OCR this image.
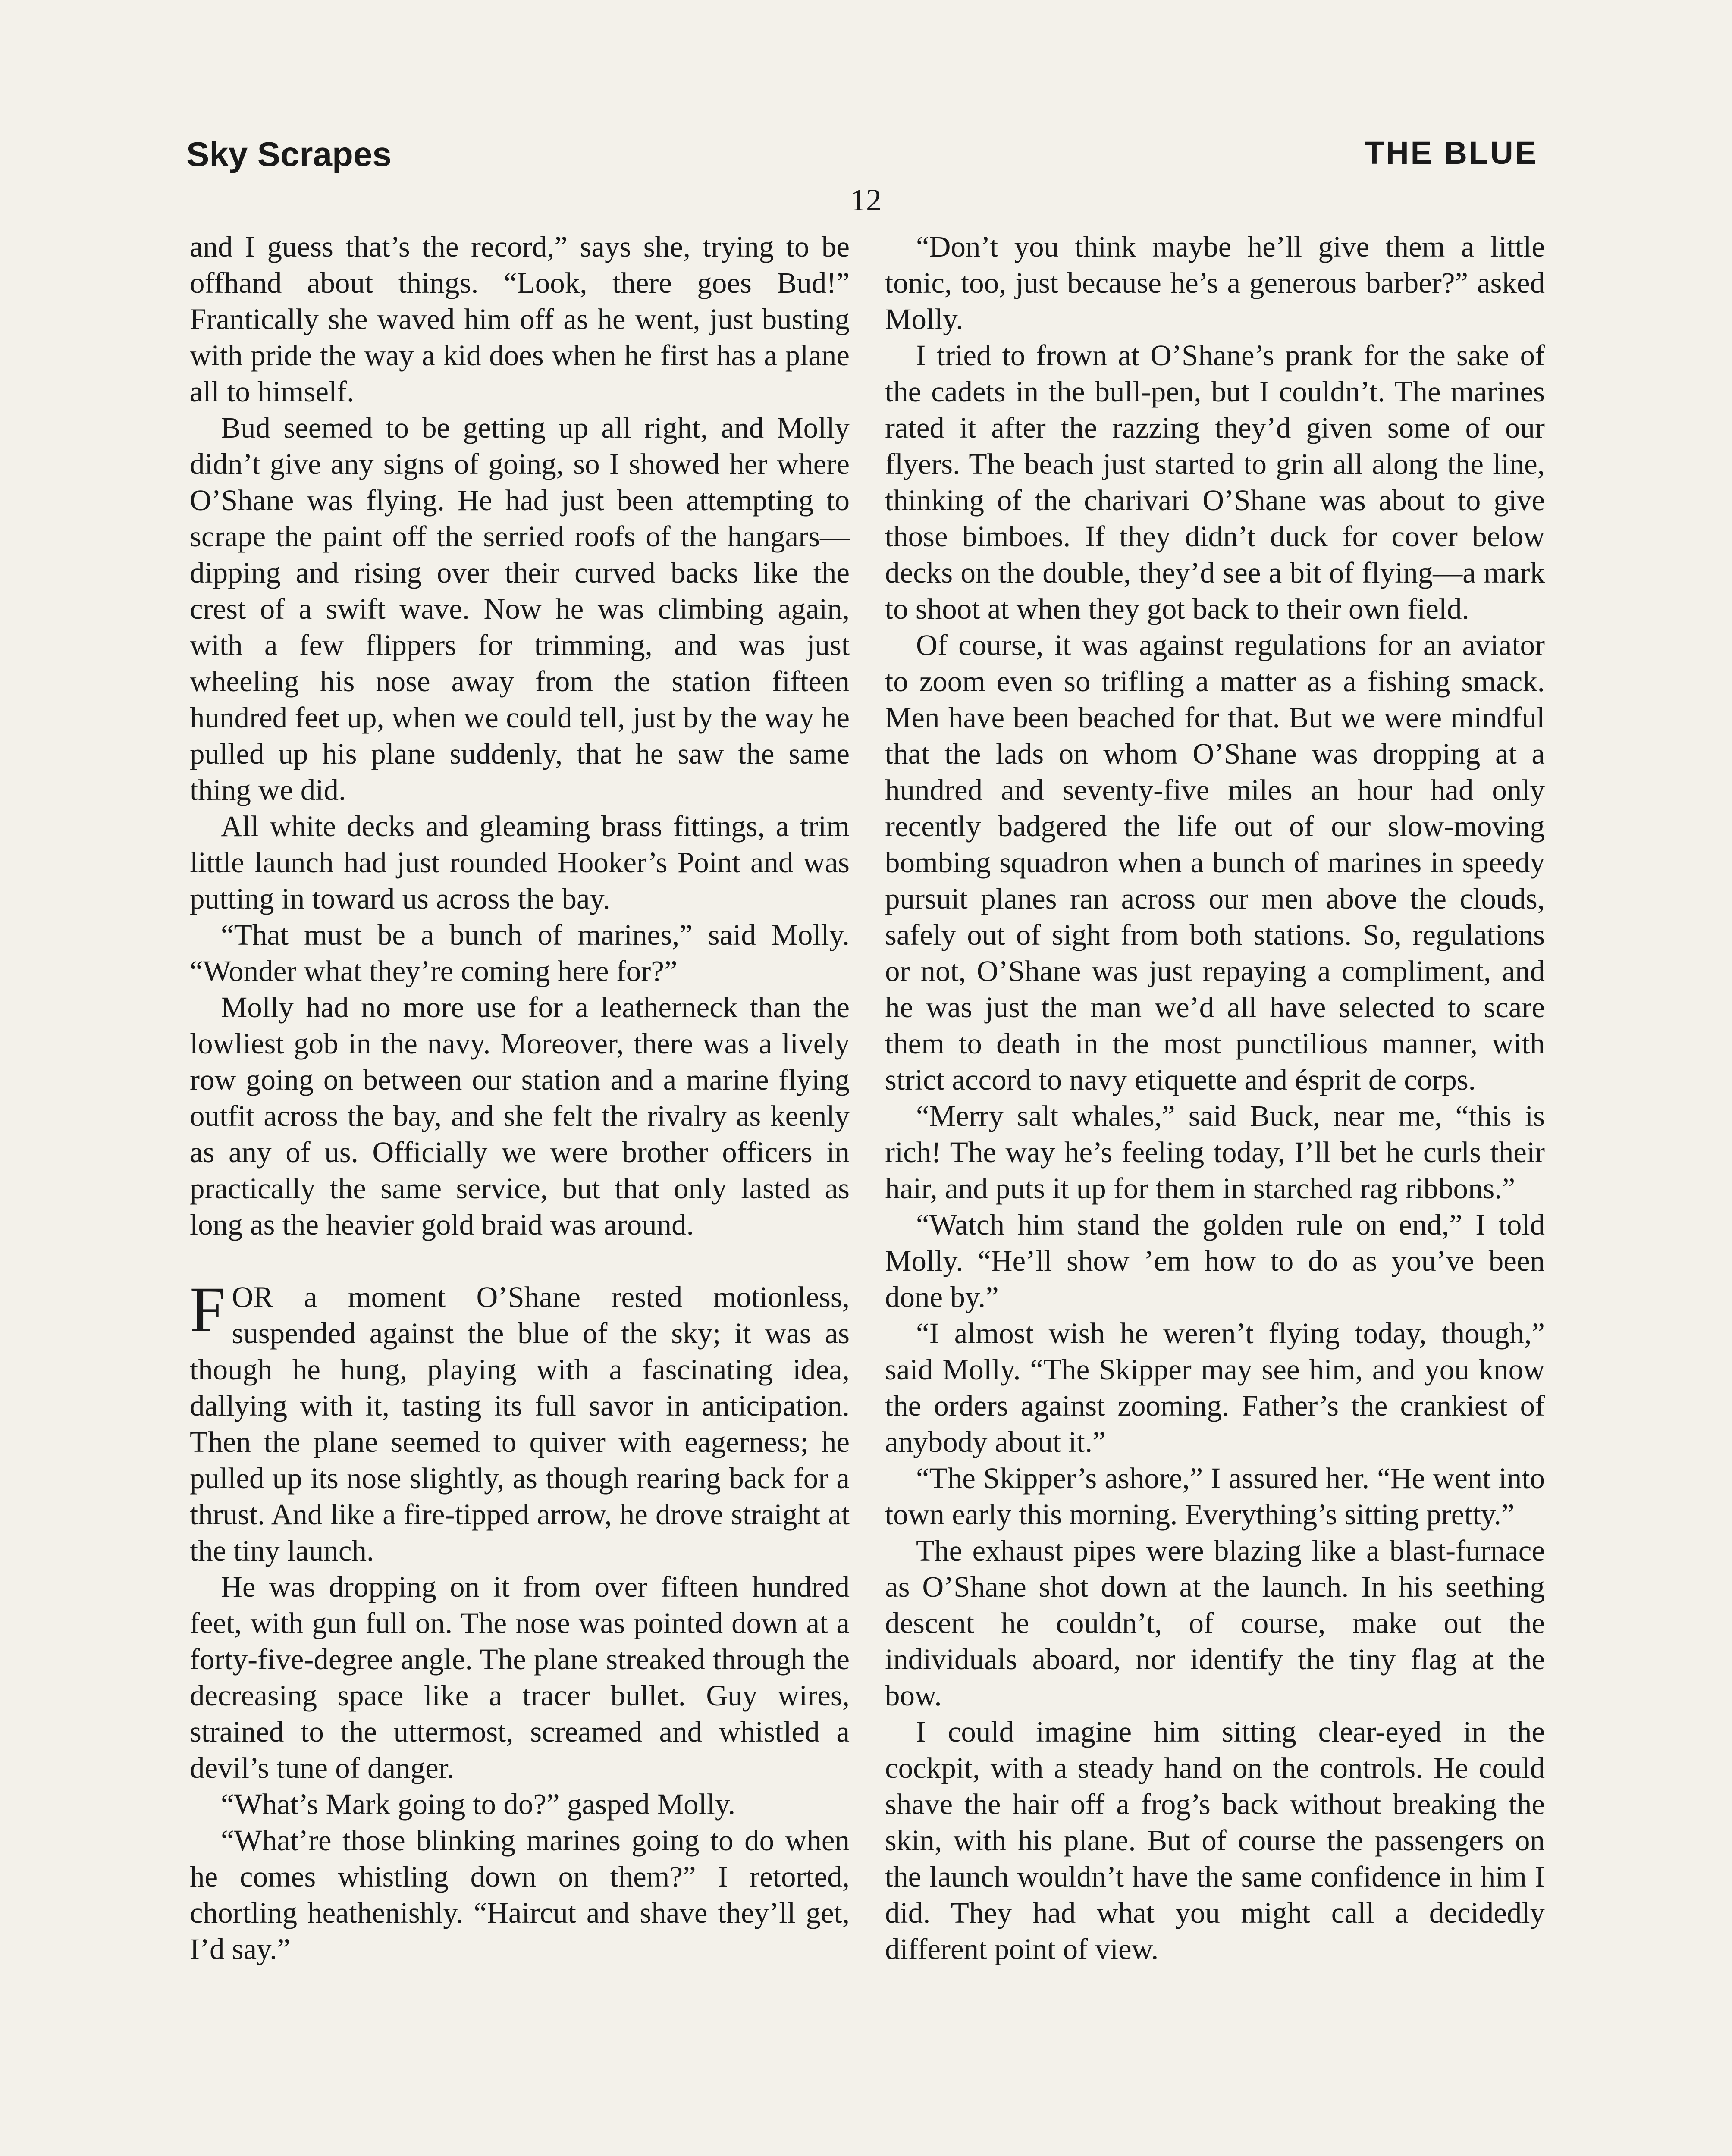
Sky Scrapes	THE BLUE
12

and I guess that’s the record,” says she, trying to be offhand about things. “Look, there goes Bud!” Frantically she waved him off as he went, just busting with pride the way a kid does when he first has a plane all to himself.

Bud seemed to be getting up all right, and Molly didn’t give any signs of going, so I showed her where O’Shane was flying. He had just been attempting to scrape the paint off the serried roofs of the hangars—dipping and rising over their curved backs like the crest of a swift wave. Now he was climbing again, with a few flippers for trimming, and was just wheeling his nose away from the station fifteen hundred feet up, when we could tell, just by the way he pulled up his plane suddenly, that he saw the same thing we did.

All white decks and gleaming brass fittings, a trim little launch had just rounded Hooker’s Point and was putting in toward us across the bay.

“That must be a bunch of marines,” said Molly. “Wonder what they’re coming here for?”

Molly had no more use for a leatherneck than the lowliest gob in the navy. Moreover, there was a lively row going on between our station and a marine flying outfit across the bay, and she felt the rivalry as keenly as any of us. Officially we were brother officers in practically the same service, but that only lasted as long as the heavier gold braid was around.

FOR a moment O’Shane rested motionless, suspended against the blue of the sky; it was as though he hung, playing with a fascinating idea, dallying with it, tasting its full savor in anticipation. Then the plane seemed to quiver with eagerness; he pulled up its nose slightly, as though rearing back for a thrust. And like a fire-tipped arrow, he drove straight at the tiny launch.

He was dropping on it from over fifteen hundred feet, with gun full on. The nose was pointed down at a forty-five-degree angle. The plane streaked through the decreasing space like a tracer bullet. Guy wires, strained to the uttermost, screamed and whistled a devil’s tune of danger.

“What’s Mark going to do?” gasped Molly.

“What’re those blinking marines going to do when he comes whistling down on them?” I retorted, chortling heathenishly. “Haircut and shave they’ll get, I’d say.”

“Don’t you think maybe he’ll give them a little tonic, too, just because he’s a generous barber?” asked Molly.

I tried to frown at O’Shane’s prank for the sake of the cadets in the bull-pen, but I couldn’t. The marines rated it after the razzing they’d given some of our flyers. The beach just started to grin all along the line, thinking of the charivari O’Shane was about to give those bimboes. If they didn’t duck for cover below decks on the double, they’d see a bit of flying—a mark to shoot at when they got back to their own field.

Of course, it was against regulations for an aviator to zoom even so trifling a matter as a fishing smack. Men have been beached for that. But we were mindful that the lads on whom O’Shane was dropping at a hundred and seventy-five miles an hour had only recently badgered the life out of our slow-moving bombing squadron when a bunch of marines in speedy pursuit planes ran across our men above the clouds, safely out of sight from both stations. So, regulations or not, O’Shane was just repaying a compliment, and he was just the man we’d all have selected to scare them to death in the most punctilious manner, with strict accord to navy etiquette and ésprit de corps.

“Merry salt whales,” said Buck, near me, “this is rich! The way he’s feeling today, I’ll bet he curls their hair, and puts it up for them in starched rag ribbons.”

“Watch him stand the golden rule on end,” I told Molly. “He’ll show ’em how to do as you’ve been done by.”

“I almost wish he weren’t flying today, though,” said Molly. “The Skipper may see him, and you know the orders against zooming. Father’s the crankiest of anybody about it.”

“The Skipper’s ashore,” I assured her. “He went into town early this morning. Everything’s sitting pretty.”

The exhaust pipes were blazing like a blast-furnace as O’Shane shot down at the launch. In his seething descent he couldn’t, of course, make out the individuals aboard, nor identify the tiny flag at the bow.

I could imagine him sitting clear-eyed in the cockpit, with a steady hand on the controls. He could shave the hair off a frog’s back without breaking the skin, with his plane. But of course the passengers on the launch wouldn’t have the same confidence in him I did. They had what you might call a decidedly different point of view.
